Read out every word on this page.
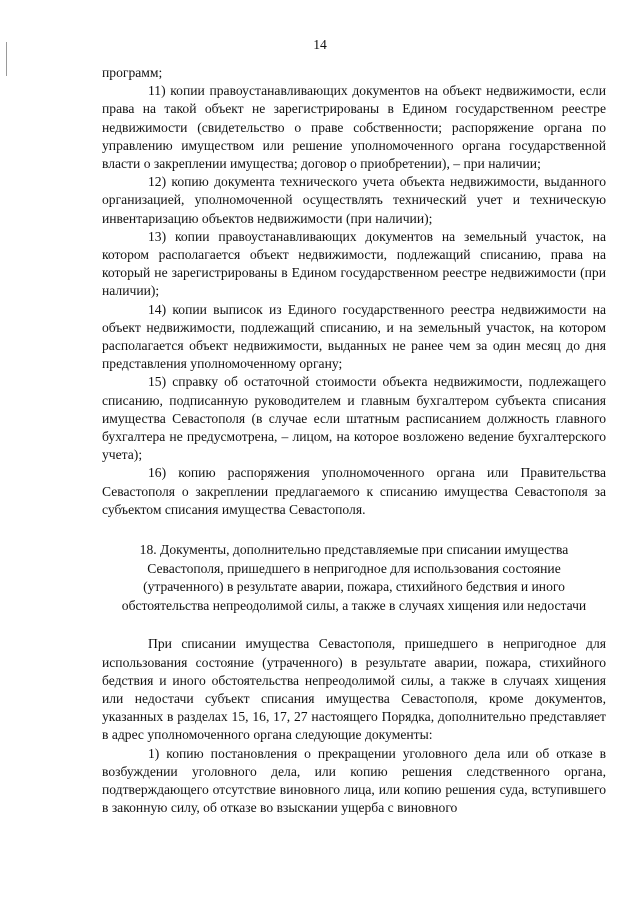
14

программ;

11) копии правоустанавливающих документов на объект недвижимости, если права на такой объект не зарегистрированы в Едином государственном реестре недвижимости (свидетельство о праве собственности; распоряжение органа по управлению имуществом или решение уполномоченного органа государственной власти о закреплении имущества; договор о приобретении), – при наличии;

12) копию документа технического учета объекта недвижимости, выданного организацией, уполномоченной осуществлять технический учет и техническую инвентаризацию объектов недвижимости (при наличии);

13) копии правоустанавливающих документов на земельный участок, на котором располагается объект недвижимости, подлежащий списанию, права на который не зарегистрированы в Едином государственном реестре недвижимости (при наличии);

14) копии выписок из Единого государственного реестра недвижимости на объект недвижимости, подлежащий списанию, и на земельный участок, на котором располагается объект недвижимости, выданных не ранее чем за один месяц до дня представления уполномоченному органу;

15) справку об остаточной стоимости объекта недвижимости, подлежащего списанию, подписанную руководителем и главным бухгалтером субъекта списания имущества Севастополя (в случае если штатным расписанием должность главного бухгалтера не предусмотрена, – лицом, на которое возложено ведение бухгалтерского учета);

16) копию распоряжения уполномоченного органа или Правительства Севастополя о закреплении предлагаемого к списанию имущества Севастополя за субъектом списания имущества Севастополя.

18. Документы, дополнительно представляемые при списании имущества Севастополя, пришедшего в непригодное для использования состояние (утраченного) в результате аварии, пожара, стихийного бедствия и иного обстоятельства непреодолимой силы, а также в случаях хищения или недостачи

При списании имущества Севастополя, пришедшего в непригодное для использования состояние (утраченного) в результате аварии, пожара, стихийного бедствия и иного обстоятельства непреодолимой силы, а также в случаях хищения или недостачи субъект списания имущества Севастополя, кроме документов, указанных в разделах 15, 16, 17, 27 настоящего Порядка, дополнительно представляет в адрес уполномоченного органа следующие документы:

1) копию постановления о прекращении уголовного дела или об отказе в возбуждении уголовного дела, или копию решения следственного органа, подтверждающего отсутствие виновного лица, или копию решения суда, вступившего в законную силу, об отказе во взыскании ущерба с виновного
